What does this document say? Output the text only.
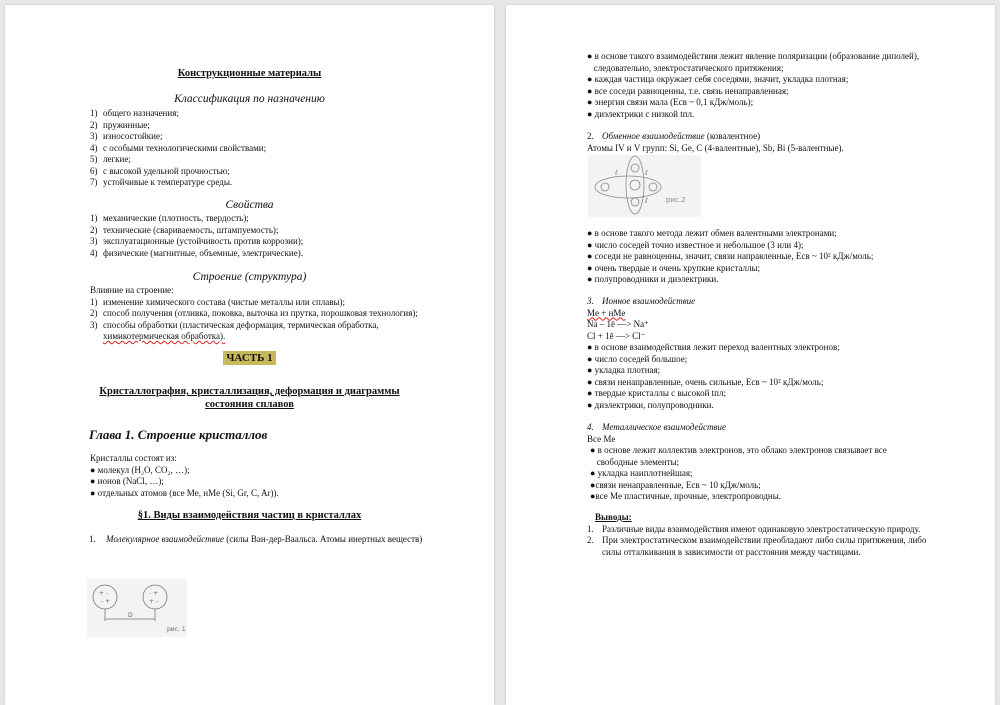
Конструкционные материалы
Классификация по назначению
1) общего назначения;
2) пружинные;
3) износостойкие;
4) с особыми технологическими свойствами;
5) легкие;
6) с высокой удельной прочностью;
7) устойчивые к температуре среды.
Свойства
1) механические (плотность, твердость);
2) технические (свариваемость, штампуемость);
3) эксплуатационные (устойчивость против коррозии);
4) физические (магнитные, объемные, электрические).
Строение (структура)
Влияние на строение:
1) изменение химического состава (чистые металлы или сплавы);
2) способ получения (отливка, поковка, выточка из прутка, порошковая технология);
3) способы обработки (пластическая деформация, термическая обработка,
химикотермическая обработка).
ЧАСТЬ 1
Кристаллография, кристаллизация, деформация и диаграммы
состояния сплавов
Глава 1. Строение кристаллов
Кристаллы состоят из:
● молекул (H₂O, CO₂, …);
● ионов (NaCl, …);
● отдельных атомов (все Me, нMe (Si, Gr, C, Ar)).
§1. Виды взаимодействия частиц в кристаллах
1. Молекулярное взаимодействие (силы Ван-дер-Ваальса. Атомы инертных веществ)
+ -
- +
- +
+ -
D
рис. 1
● в основе такого взаимодействия лежит явление поляризации (образование диполей),
следовательно, электростатического притяжения;
● каждая частица окружает себя соседями, значит, укладка плотная;
● все соседи равноценны, т.е. связь ненаправленная;
● энергия связи мала (Eсв ~ 0,1 кДж/моль);
● диэлектрики с низкой tпл.
2. Обменное взаимодействие (ковалентное)
Атомы IV и V групп: Si, Ge, C (4-валентные), Sb, Bi (5-валентные).
ℓ	ℓ
ℓ	рис.2
● в основе такого метода лежит обмен валентными электронами;
● число соседей точно известное и небольшое (3 или 4);
● соседи не равноценны, значит, связи направленные, Eсв ~ 10² кДж/моль;
● очень твердые и очень хрупкие кристаллы;
● полупроводники и диэлектрики.
3. Ионное взаимодействие
Me + нMe
Na – 1ē —> Na⁺
Cl + 1ē —> Cl⁻
● в основе взаимодействия лежит переход валентных электронов;
● число соседей большое;
● укладка плотная;
● связи ненаправленные, очень сильные, Eсв ~ 10² кДж/моль;
● твердые кристаллы с высокой tпл;
● диэлектрики, полупроводники.
4. Металлическое взаимодействие
Все Me
● в основе лежит коллектив электронов, это облако электронов связывает все
свободные элементы;
● укладка наиплотнейшая;
●связи ненаправленные, Eсв ~ 10 кДж/моль;
●все Me пластичные, прочные, электропроводны.
Выводы:
1. Различные виды взаимодействия имеют одинаковую электростатическую природу.
2. При электростатическом взаимодействии преобладают либо силы притяжения, либо
силы отталкивания в зависимости от расстояния между частицами.
